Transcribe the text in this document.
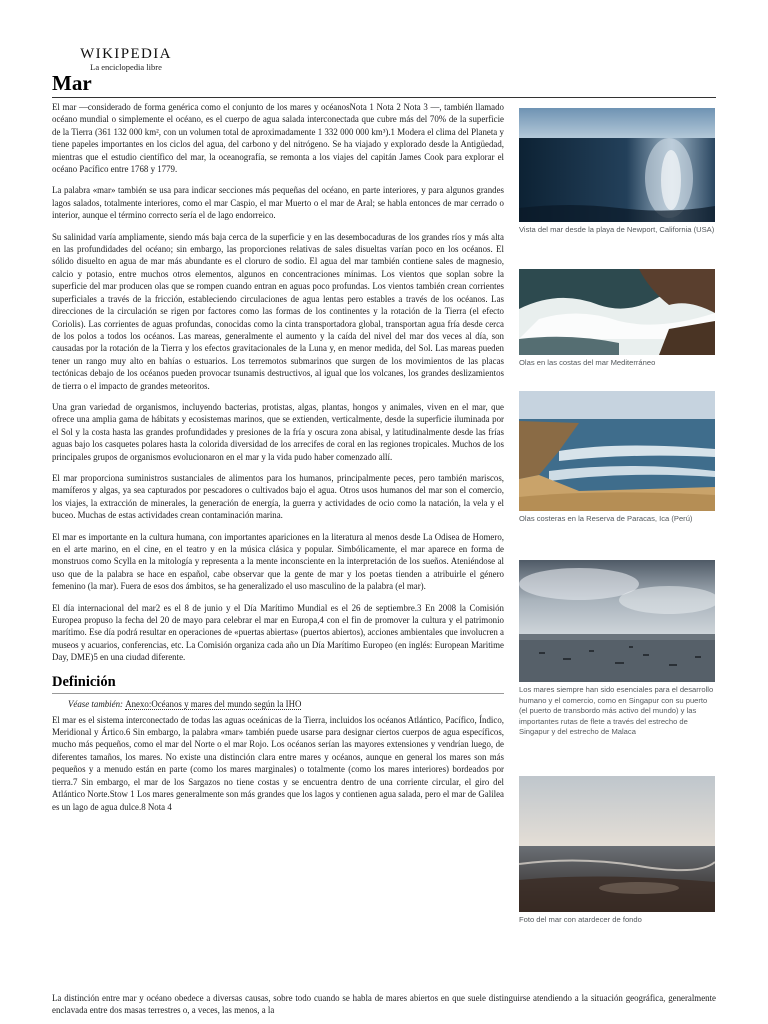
WIKIPEDIA
La enciclopedia libre
Mar

El mar —considerado de forma genérica como el conjunto de los mares y océanosNota 1 Nota 2 Nota 3 —, también llamado océano mundial o simplemente el océano, es el cuerpo de agua salada interconectada que cubre más del 70% de la superficie de la Tierra (361 132 000 km², con un volumen total de aproximadamente 1 332 000 000 km³).1 Modera el clima del Planeta y tiene papeles importantes en los ciclos del agua, del carbono y del nitrógeno. Se ha viajado y explorado desde la Antigüedad, mientras que el estudio científico del mar, la oceanografía, se remonta a los viajes del capitán James Cook para explorar el océano Pacífico entre 1768 y 1779.

La palabra «mar» también se usa para indicar secciones más pequeñas del océano, en parte interiores, y para algunos grandes lagos salados, totalmente interiores, como el mar Caspio, el mar Muerto o el mar de Aral; se habla entonces de mar cerrado o interior, aunque el término correcto sería el de lago endorreico.

Su salinidad varía ampliamente, siendo más baja cerca de la superficie y en las desembocaduras de los grandes ríos y más alta en las profundidades del océano; sin embargo, las proporciones relativas de sales disueltas varían poco en los océanos. El sólido disuelto en agua de mar más abundante es el cloruro de sodio. El agua del mar también contiene sales de magnesio, calcio y potasio, entre muchos otros elementos, algunos en concentraciones mínimas. Los vientos que soplan sobre la superficie del mar producen olas que se rompen cuando entran en aguas poco profundas. Los vientos también crean corrientes superficiales a través de la fricción, estableciendo circulaciones de agua lentas pero estables a través de los océanos. Las direcciones de la circulación se rigen por factores como las formas de los continentes y la rotación de la Tierra (el efecto Coriolis). Las corrientes de aguas profundas, conocidas como la cinta transportadora global, transportan agua fría desde cerca de los polos a todos los océanos. Las mareas, generalmente el aumento y la caída del nivel del mar dos veces al día, son causadas por la rotación de la Tierra y los efectos gravitacionales de la Luna y, en menor medida, del Sol. Las mareas pueden tener un rango muy alto en bahías o estuarios. Los terremotos submarinos que surgen de los movimientos de las placas tectónicas debajo de los océanos pueden provocar tsunamis destructivos, al igual que los volcanes, los grandes deslizamientos de tierra o el impacto de grandes meteoritos.

Una gran variedad de organismos, incluyendo bacterias, protistas, algas, plantas, hongos y animales, viven en el mar, que ofrece una amplia gama de hábitats y ecosistemas marinos, que se extienden, verticalmente, desde la superficie iluminada por el Sol y la costa hasta las grandes profundidades y presiones de la fría y oscura zona abisal, y latitudinalmente desde las frías aguas bajo los casquetes polares hasta la colorida diversidad de los arrecifes de coral en las regiones tropicales. Muchos de los principales grupos de organismos evolucionaron en el mar y la vida pudo haber comenzado allí.

El mar proporciona suministros sustanciales de alimentos para los humanos, principalmente peces, pero también mariscos, mamíferos y algas, ya sea capturados por pescadores o cultivados bajo el agua. Otros usos humanos del mar son el comercio, los viajes, la extracción de minerales, la generación de energía, la guerra y actividades de ocio como la natación, la vela y el buceo. Muchas de estas actividades crean contaminación marina.

El mar es importante en la cultura humana, con importantes apariciones en la literatura al menos desde La Odisea de Homero, en el arte marino, en el cine, en el teatro y en la música clásica y popular. Simbólicamente, el mar aparece en forma de monstruos como Scylla en la mitología y representa a la mente inconsciente en la interpretación de los sueños. Ateniéndose al uso que de la palabra se hace en español, cabe observar que la gente de mar y los poetas tienden a atribuirle el género femenino (la mar). Fuera de esos dos ámbitos, se ha generalizado el uso masculino de la palabra (el mar).

El día internacional del mar2 es el 8 de junio y el Día Marítimo Mundial es el 26 de septiembre.3 En 2008 la Comisión Europea propuso la fecha del 20 de mayo para celebrar el mar en Europa,4 con el fin de promover la cultura y el patrimonio marítimo. Ese día podrá resultar en operaciones de «puertas abiertas» (puertos abiertos), acciones ambientales que involucren a museos y acuarios, conferencias, etc. La Comisión organiza cada año un Día Marítimo Europeo (en inglés: European Maritime Day, DME)5 en una ciudad diferente.

Definición
Véase también: Anexo:Océanos y mares del mundo según la IHO

El mar es el sistema interconectado de todas las aguas oceánicas de la Tierra, incluidos los océanos Atlántico, Pacífico, Índico, Meridional y Ártico.6 Sin embargo, la palabra «mar» también puede usarse para designar ciertos cuerpos de agua específicos, mucho más pequeños, como el mar del Norte o el mar Rojo. Los océanos serían las mayores extensiones y vendrían luego, de diferentes tamaños, los mares. No existe una distinción clara entre mares y océanos, aunque en general los mares son más pequeños y a menudo están en parte (como los mares marginales) o totalmente (como los mares interiores) bordeados por tierra.7 Sin embargo, el mar de los Sargazos no tiene costas y se encuentra dentro de una corriente circular, el giro del Atlántico Norte.Stow 1 Los mares generalmente son más grandes que los lagos y contienen agua salada, pero el mar de Galilea es un lago de agua dulce.8 Nota 4

La distinción entre mar y océano obedece a diversas causas, sobre todo cuando se habla de mares abiertos en que suele distinguirse atendiendo a la situación geográfica, generalmente enclavada entre dos masas terrestres o, a veces, las menos, a la

Vista del mar desde la playa de Newport, California (USA)
Olas en las costas del mar Mediterráneo
Olas costeras en la Reserva de Paracas, Ica (Perú)
Los mares siempre han sido esenciales para el desarrollo humano y el comercio, como en Singapur con su puerto (el puerto de transbordo más activo del mundo) y las importantes rutas de flete a través del estrecho de Singapur y del estrecho de Malaca
Foto del mar con atardecer de fondo
